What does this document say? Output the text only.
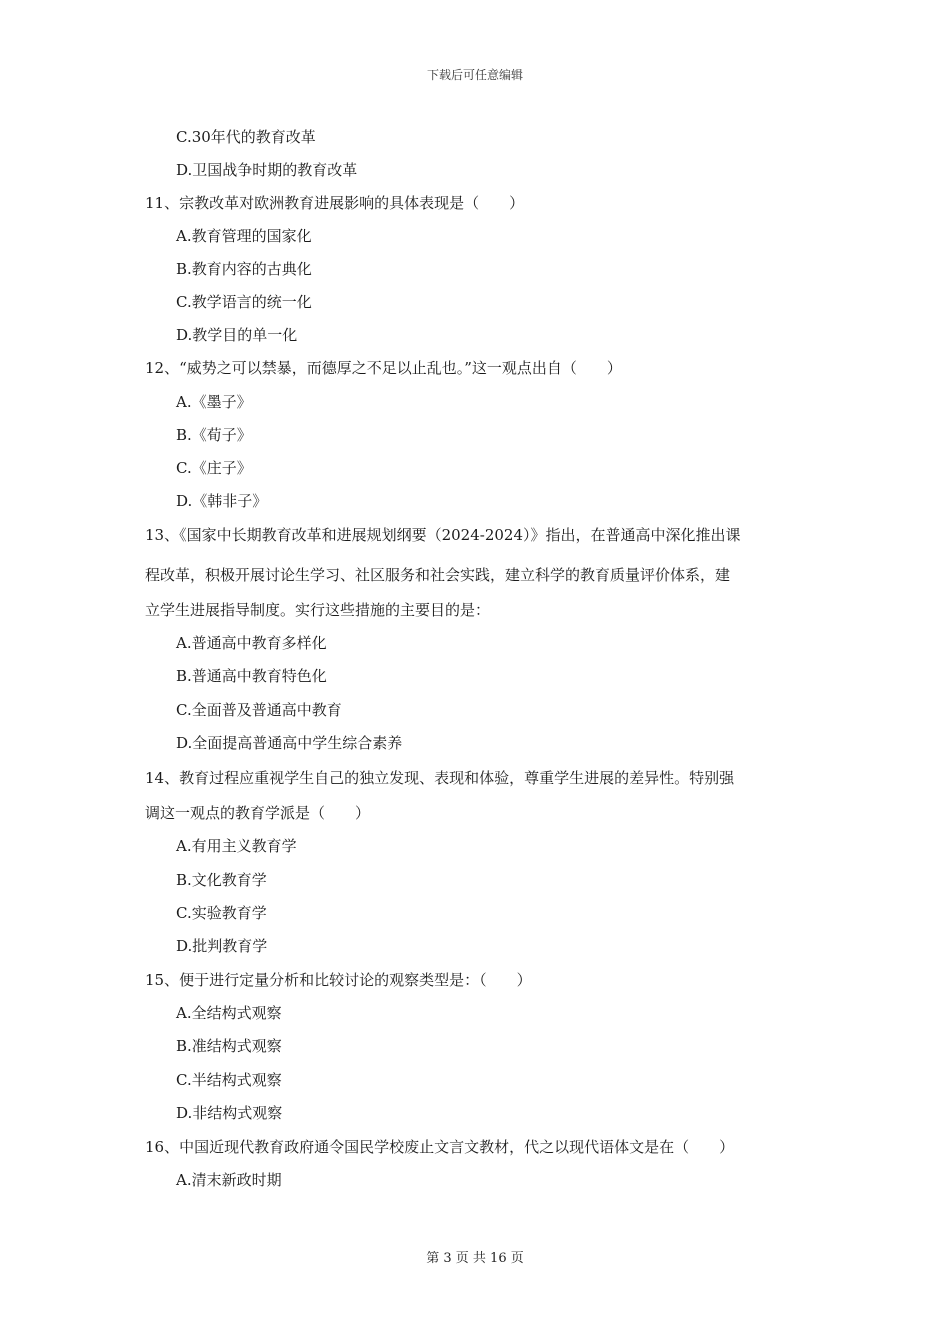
下载后可任意编辑
C.30年代的教育改革
D.卫国战争时期的教育改革
11、宗教改革对欧洲教育进展影响的具体表现是（　　）
A.教育管理的国家化
B.教育内容的古典化
C.教学语言的统一化
D.教学目的单一化
12、“威势之可以禁暴，而德厚之不足以止乱也。”这一观点出自（　　）
A.《墨子》
B.《荀子》
C.《庄子》
D.《韩非子》
13、《国家中长期教育改革和进展规划纲要（2024-2024）》指出，在普通高中深化推出课
程改革，积极开展讨论生学习、社区服务和社会实践，建立科学的教育质量评价体系，建
立学生进展指导制度。实行这些措施的主要目的是：
A.普通高中教育多样化
B.普通高中教育特色化
C.全面普及普通高中教育
D.全面提高普通高中学生综合素养
14、教育过程应重视学生自己的独立发现、表现和体验，尊重学生进展的差异性。特别强
调这一观点的教育学派是（　　）
A.有用主义教育学
B.文化教育学
C.实验教育学
D.批判教育学
15、便于进行定量分析和比较讨论的观察类型是：（　　）
A.全结构式观察
B.准结构式观察
C.半结构式观察
D.非结构式观察
16、中国近现代教育政府通令国民学校废止文言文教材，代之以现代语体文是在（　　）
A.清末新政时期
第 3 页 共 16 页
